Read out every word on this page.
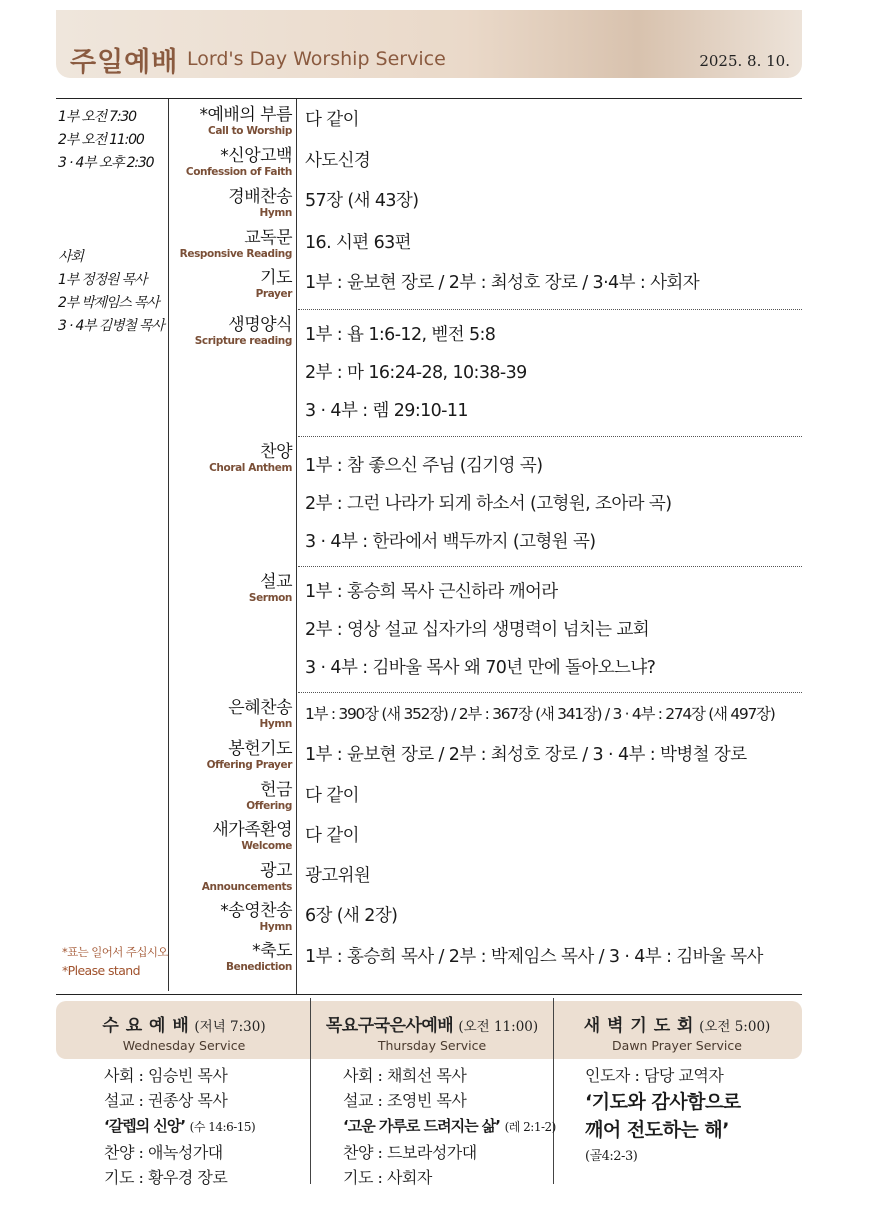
주일예배 Lord's Day Worship Service	2025. 8. 10.
1부 오전 7:30
2부 오전 11:00
3 · 4부 오후 2:30
사회
1부 정정원 목사
2부 박제임스 목사
3 · 4부 김병철 목사
*예배의 부름
Call to Worship
다 같이
*신앙고백
Confession of Faith
사도신경
경배찬송
Hymn
57장 (새 43장)
교독문
Responsive Reading
16. 시편 63편
기도
Prayer
1부 : 윤보현 장로 / 2부 : 최성호 장로 / 3·4부 : 사회자
생명양식
Scripture reading 1부 : 욥 1:6-12, 벧전 5:8
2부 : 마 16:24-28, 10:38-39
3 · 4부 : 렘 29:10-11
찬양
Choral Anthem 1부 : 참 좋으신 주님 (김기영 곡)
2부 : 그런 나라가 되게 하소서 (고형원, 조아라 곡)
3 · 4부 : 한라에서 백두까지 (고형원 곡)
설교
Sermon 1부 : 홍승희 목사 근신하라 깨어라
2부 : 영상 설교 십자가의 생명력이 넘치는 교회
3 · 4부 : 김바울 목사 왜 70년 만에 돌아오느냐?
은혜찬송
Hymn
1부 : 390장 (새 352장) / 2부 : 367장 (새 341장) / 3 · 4부 : 274장 (새 497장)
봉헌기도
Offering Prayer 1부 : 윤보현 장로 / 2부 : 최성호 장로 / 3 · 4부 : 박병철 장로
헌금
Offering 다 같이
새가족환영
Welcome 다 같이
광고
Announcements
광고위원
*송영찬송
Hymn
6장 (새 2장)
*축도
Benediction 1부 : 홍승희 목사 / 2부 : 박제임스 목사 / 3 · 4부 : 김바울 목사
*표는 일어서 주십시오
*Please stand
수 요 예 배 (저녁 7:30)
Wednesday Service
목요구국은사예배 (오전 11:00)
Thursday Service
새 벽 기 도 회 (오전 5:00)
Dawn Prayer Service
사회 : 임승빈 목사
설교 : 권종상 목사
‘갈렙의 신앙’ (수 14:6-15)
찬양 : 애녹성가대
기도 : 황우경 장로
사회 : 채희선 목사
설교 : 조영빈 목사
‘고운 가루로 드려지는 삶’ (레 2:1-2)
찬양 : 드보라성가대
기도 : 사회자
인도자 : 담당 교역자
‘기도와 감사함으로
깨어 전도하는 해’
(골4:2-3)
